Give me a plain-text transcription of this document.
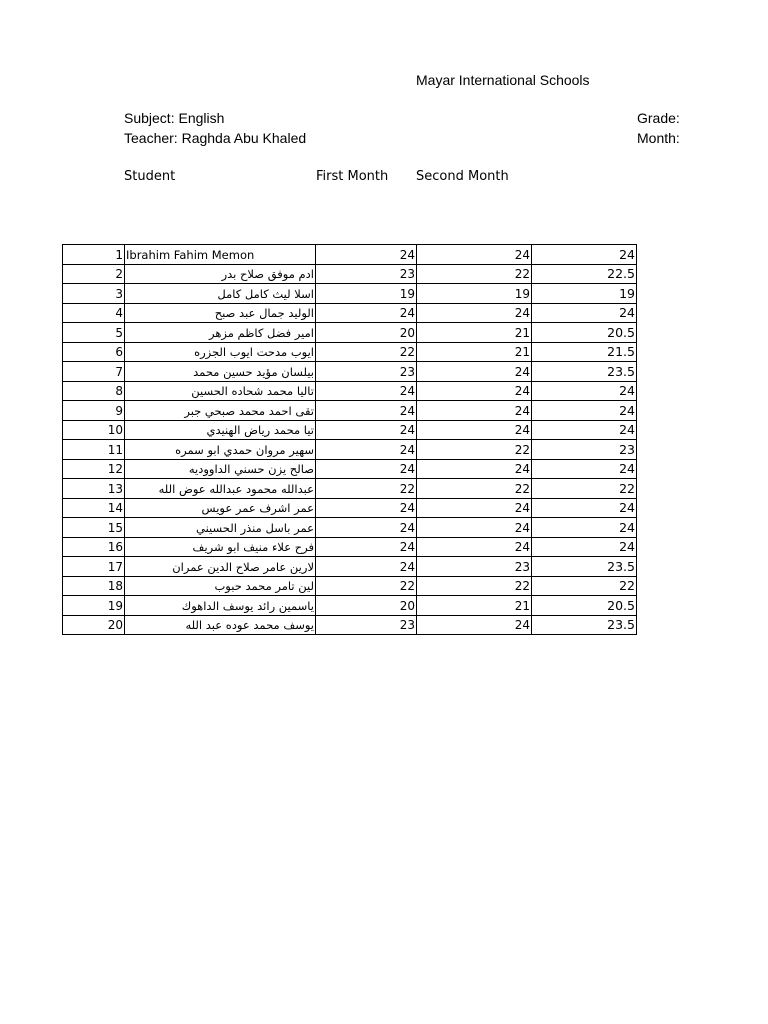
Mayar International Schools
Subject: English
Teacher: Raghda Abu Khaled
Grade:
Month:
Student	First Month Second Month
1	Ibrahim Fahim Memon	24	24	24
2	ادم موفق صلاح بدر	23	22	22.5
3	اسلا ليث كامل كامل	19	19	19
4	الوليد جمال عبد صبح	24	24	24
5	امير فضل كاظم مزهر	20	21	20.5
6	ايوب مدحت ايوب الجزره	22	21	21.5
7	بيلسان مؤيد حسين محمد	23	24	23.5
8	تاليا محمد شحاده الحسين	24	24	24
9	تقى احمد محمد صبحي جبر	24	24	24
10	تيا محمد رياض الهنيدي	24	24	24
11	سهير مروان حمدي ابو سمره	24	22	23
12	صالح يزن حسني الداووديه	24	24	24
13	عبدالله محمود عبدالله عوض الله	22	22	22
14	عمر اشرف عمر عويس	24	24	24
15	عمر باسل منذر الحسيني	24	24	24
16	فرح علاء منيف ابو شريف	24	24	24
17	لارين عامر صلاح الدين عمران	24	23	23.5
18	لين تامر محمد حبوب	22	22	22
19	ياسمين رائد يوسف الداهوك	20	21	20.5
20	يوسف محمد عوده عبد الله	23	24	23.5
